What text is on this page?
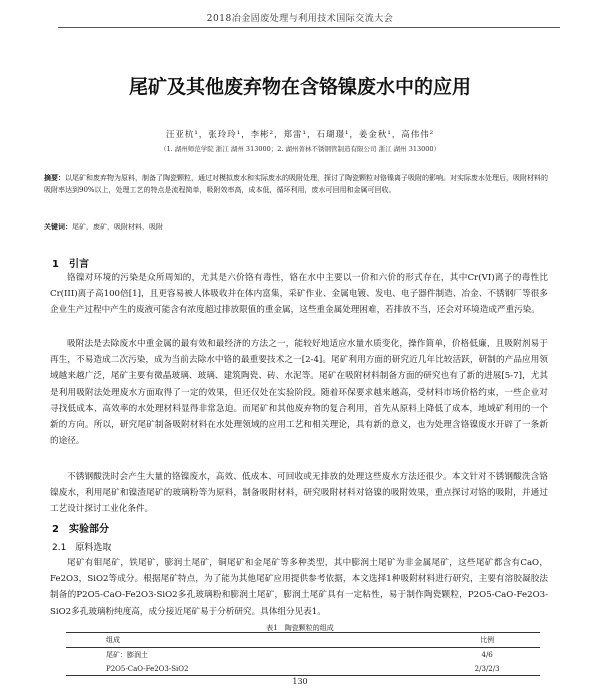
2018冶金固废处理与利用技术国际交流大会
尾矿及其他废弃物在含铬镍废水中的应用
汪亚杭¹，张玲玲¹，李彬²，郑雷¹，石瑚璟¹，姜金秋¹，高伟伟²
（1. 湖州师范学院 浙江 湖州 313000；2. 湖州菁林不锈钢管制造有限公司 浙江 湖州 313000）
摘要：以尾矿和废弃物为原料，制备了陶瓷颗粒，通过对模拟废水和实际废水的吸附处理，探讨了陶瓷颗粒对铬镍离子吸附的影响。对实际废水处理后，吸附材料的吸附率达到90%以上，处理工艺的特点是流程简单，吸附效率高，成本低，循环利用，废水可回用和金属可回收。
关键词：尾矿，废矿，吸附材料，吸附
1　引言

铬镍对环境的污染是众所周知的，尤其是六价铬有毒性，铬在水中主要以一价和六价的形式存在，其中Cr(VI)离子的毒性比Cr(III)离子高100倍[1]，且更容易被人体吸收并在体内富集，采矿作业、金属电镀、发电、电子器件制造、冶金、不锈钢厂等很多企业生产过程中产生的废液可能含有浓度超过排放限值的重金属，这些重金属处理困难，若排放不当，还会对环境造成严重污染。

吸附法是去除废水中重金属的最有效和最经济的方法之一，能较好地适应水量水质变化，操作简单，价格低廉，且吸附剂易于再生，不易造成二次污染，成为当前去除水中铬的最重要技术之一[2-4]。尾矿利用方面的研究近几年比较活跃，研制的产品应用领域越来越广泛，尾矿主要有微晶玻璃、玻璃、建筑陶瓷、砖、水泥等。尾矿在吸附材料制备方面的研究也有了新的进展[5-7]，尤其是利用吸附法处理废水方面取得了一定的效果，但还仅处在实验阶段。随着环保要求越来越高，受材料市场价格约束，一些企业对寻找低成本、高效率的水处理材料显得非常急迫。而尾矿和其他废弃物的复合利用，首先从原料上降低了成本，地域矿利用的一个新的方向。所以，研究尾矿制备吸附材料在水处理领域的应用工艺和相关理论，具有新的意义，也为处理含铬镍废水开辟了一条新的途径。

不锈钢酸洗时会产生大量的铬镍废水，高效、低成本、可回收或无排放的处理这些废水方法还很少。本文针对不锈钢酸洗含铬镍废水，利用尾矿和镍渣尾矿的玻璃粉等为原料，制备吸附材料，研究吸附材料对铬镍的吸附效果，重点探讨对铬的吸附，并通过工艺设计探讨工业化条件。

2　实验部分
2.1　原料选取

尾矿有钼尾矿，铁尾矿，膨润土尾矿，铜尾矿和金尾矿等多种类型，其中膨润土尾矿为非金属尾矿，这些尾矿都含有CaO，Fe2O3，SiO2等成分。根据尾矿特点，为了能为其他尾矿应用提供参考依据，本文选择1种吸附材料进行研究，主要有溶胶凝胶法制备的P2O5-CaO-Fe2O3-SiO2多孔玻璃粉和膨润土尾矿，膨润土尾矿具有一定粘性，易于制作陶瓷颗粒，P2O5-CaO-Fe2O3-SiO2多孔玻璃粉纯度高，成分接近尾矿易于分析研究。具体组分见表1。

表1　陶瓷颗粒的组成
组成	比例
尾矿：膨润土	4/6
P2O5-CaO-Fe2O3-SiO2	2/3/2/3
130
